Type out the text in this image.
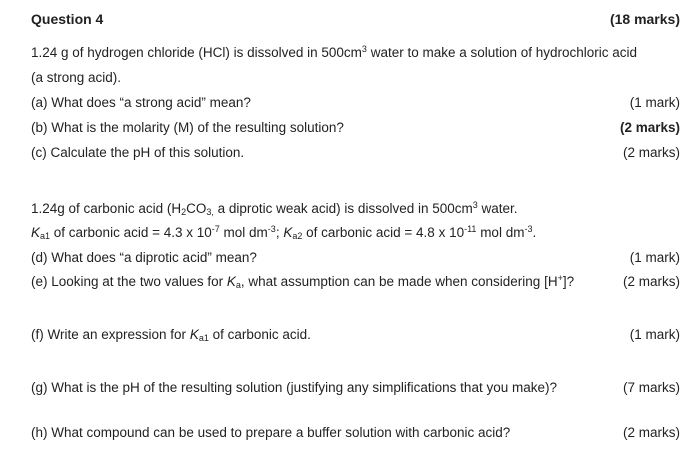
Question 4	(18 marks)
1.24 g of hydrogen chloride (HCl) is dissolved in $500cm^3$ water to make a solution of hydrochloric acid
(a strong acid).
(a) What does “a strong acid” mean?	(1 mark)
(b) What is the molarity (M) of the resulting solution?	(2 marks)
(c) Calculate the pH of this solution.	(2 marks)
1.24g of carbonic acid ($H_2CO_{3,}$ a diprotic weak acid) is dissolved in $500cm^3$ water.
$K_{a1}$ of carbonic acid = 4.3 x $10^{-7}$ mol $dm^{-3}$; $K_{a2}$ of carbonic acid = 4.8 x $10^{-11}$ mol $dm^{-3}$.
(d) What does “a diprotic acid” mean?	(1 mark)
(e) Looking at the two values for $K_a$, what assumption can be made when considering [H+]?	(2 marks)
(f) Write an expression for $K_{a1}$ of carbonic acid.	(1 mark)
(g) What is the pH of the resulting solution (justifying any simplifications that you make)?	(7 marks)
(h) What compound can be used to prepare a buffer solution with carbonic acid?	(2 marks)
